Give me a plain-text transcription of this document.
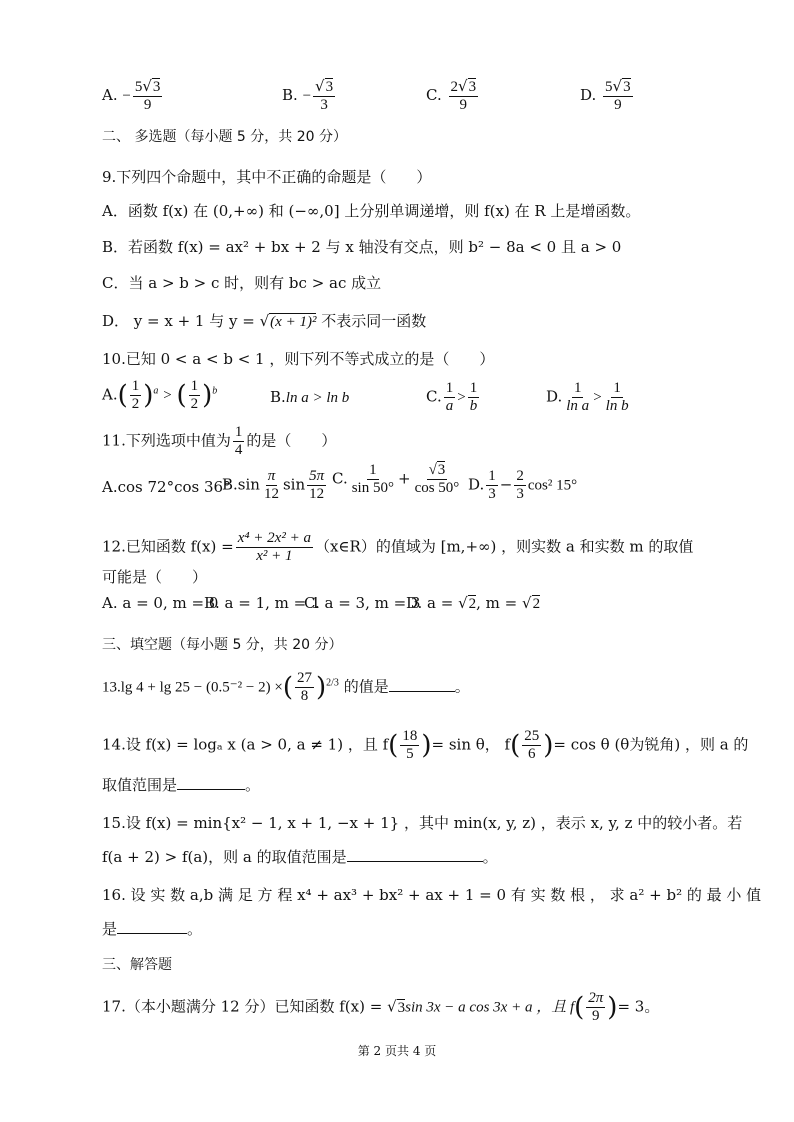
A. − $\frac{5√3}{9}$	B. − $\frac{√3}{3}$	C. $\frac{2√3}{9}$	D. $\frac{5√3}{9}$
二、 多选题（每小题 5 分，共 20 分）
9.下列四个命题中，其中不正确的命题是（　　）
A．函数 f(x) 在 (0,+∞) 和 (−∞,0] 上分别单调递增，则 f(x) 在 R 上是增函数。
B．若函数 f(x) = ax² + bx + 2 与 x 轴没有交点，则 b² − 8a < 0 且 a > 0
C．当 a > b > c 时，则有 bc > ac 成立
D． y = x + 1 与 y = √(x + 1)² 不表示同一函数
10.已知 0 < a < b < 1 ，则下列不等式成立的是（　　）
$A.( \frac{1}{2} )^a$ > ( $\frac{1}{2} )^b$	B.ln a > ln b	C. $\frac{1}{a} > \frac{1}{b}$	D. $\frac{1}{\text{ln a}} > \frac{1}{\text{ln b}}$
11.下列选项中值为 $\frac{1}{4}$ 的是（　　）
A.cos 72°cos 36°
$B.\sin \frac{\pi}{12}$ $\sin \frac{5\pi}{12} C$. $\frac{1}{\sin 50^\circ} + \frac{√3}{\cos 50^\circ} D$. $\frac{1}{3} - \frac{2}{3} \cos^2$ 15°
12.已知函数 $f(x) = \frac{\text{x⁴ + 2x² + a}}{\text{x² + 1}}$ （x∈R）的值域为 [m,+∞) ，则实数 a 和实数 m 的取值
可能是（　　）
A. a = 0, m = 0
B. a = 1, m = 1
C. a = 3, m = 3
D. a = √2, m = √2
三、填空题（每小题 5 分，共 20 分）
13.lg 4 + lg 25 − (0.5⁻² − 2) ×( $\frac{27}{8} )^{2/3}$ 的值是	。
14.设 f(x) = logₐ x (a > 0, a ≠ 1) ，且 $f( \frac{18}{5}$ )= sin θ， $f( \frac{25}{6}$ )= cos θ (θ为锐角) ，则 a 的
取值范围是	。
15.设 f(x) = min{x² − 1, x + 1, −x + 1} ，其中 min(x, y, z) ，表示 x, y, z 中的较小者。若
f(a + 2) > f(a)，则 a 的取值范围是	。
16. 设 实 数 a,b 满 足 方 程 x⁴ + ax³ + bx² + ax + 1 = 0 有 实 数 根 ， 求 a² + b² 的 最 小 值
是	。
三、解答题
17.（本小题满分 12 分）已知函数 f(x) = √3sin 3x − a cos 3x + a ，且 $f( \frac{2\pi}{9}$ )= 3。
第 2 页共 4 页
